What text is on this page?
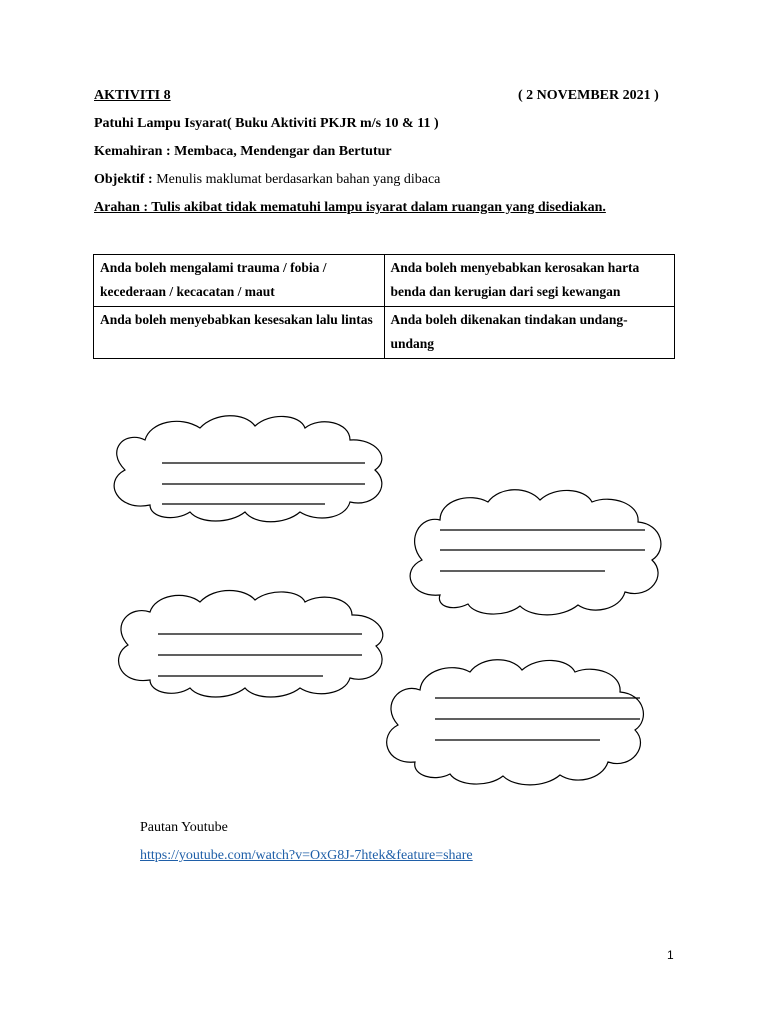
AKTIVITI 8	( 2 NOVEMBER 2021 )
Patuhi Lampu Isyarat( Buku Aktiviti PKJR m/s 10 & 11 )
Kemahiran : Membaca, Mendengar dan Bertutur
Objektif : Menulis maklumat berdasarkan bahan yang dibaca
Arahan : Tulis akibat tidak mematuhi lampu isyarat dalam ruangan yang disediakan.
Anda boleh mengalami trauma / fobia / kecederaan / kecacatan / maut	Anda boleh menyebabkan kerosakan harta benda dan kerugian dari segi kewangan
Anda boleh menyebabkan kesesakan lalu lintas	Anda boleh dikenakan tindakan undang-undang
Pautan Youtube
https://youtube.com/watch?v=OxG8J-7htek&feature=share
1
